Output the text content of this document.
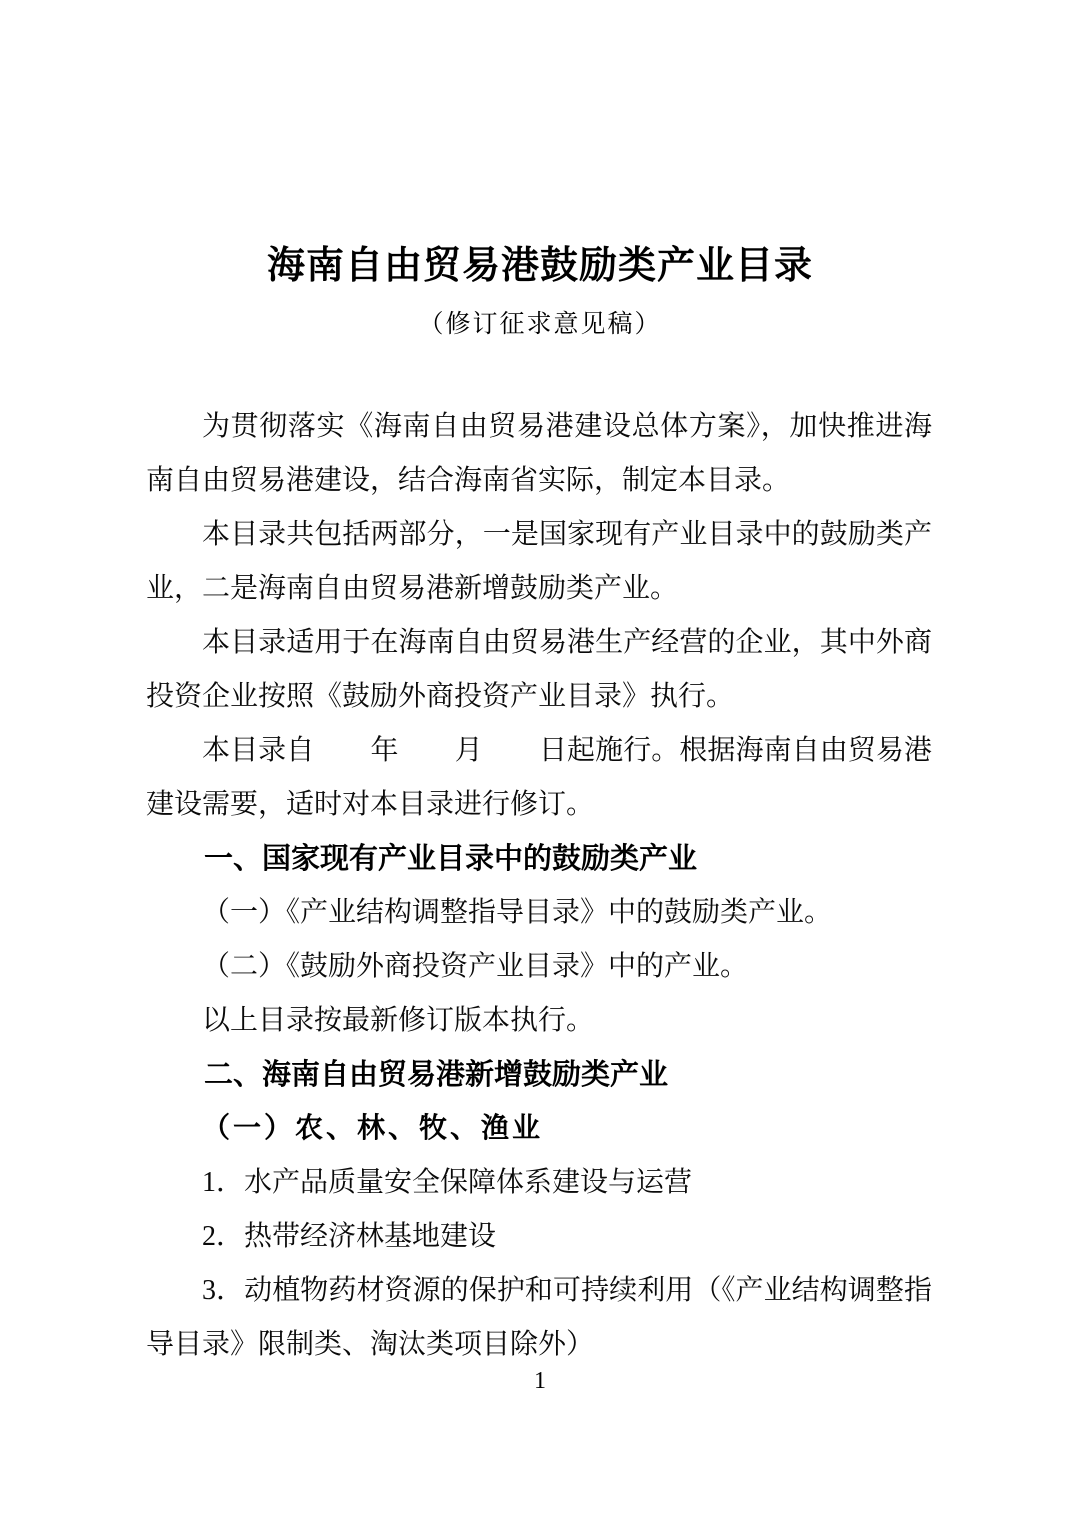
海南自由贸易港鼓励类产业目录
（修订征求意见稿）

为贯彻落实《海南自由贸易港建设总体方案》，加快推进海南自由贸易港建设，结合海南省实际，制定本目录。

本目录共包括两部分，一是国家现有产业目录中的鼓励类产业，二是海南自由贸易港新增鼓励类产业。

本目录适用于在海南自由贸易港生产经营的企业，其中外商投资企业按照《鼓励外商投资产业目录》执行。

本目录自　　年　　月　　日起施行。根据海南自由贸易港建设需要，适时对本目录进行修订。

一、国家现有产业目录中的鼓励类产业

（一）《产业结构调整指导目录》中的鼓励类产业。

（二）《鼓励外商投资产业目录》中的产业。

以上目录按最新修订版本执行。

二、海南自由贸易港新增鼓励类产业

（一）农、林、牧、渔业

1．水产品质量安全保障体系建设与运营

2．热带经济林基地建设

3．动植物药材资源的保护和可持续利用（《产业结构调整指导目录》限制类、淘汰类项目除外）

1
